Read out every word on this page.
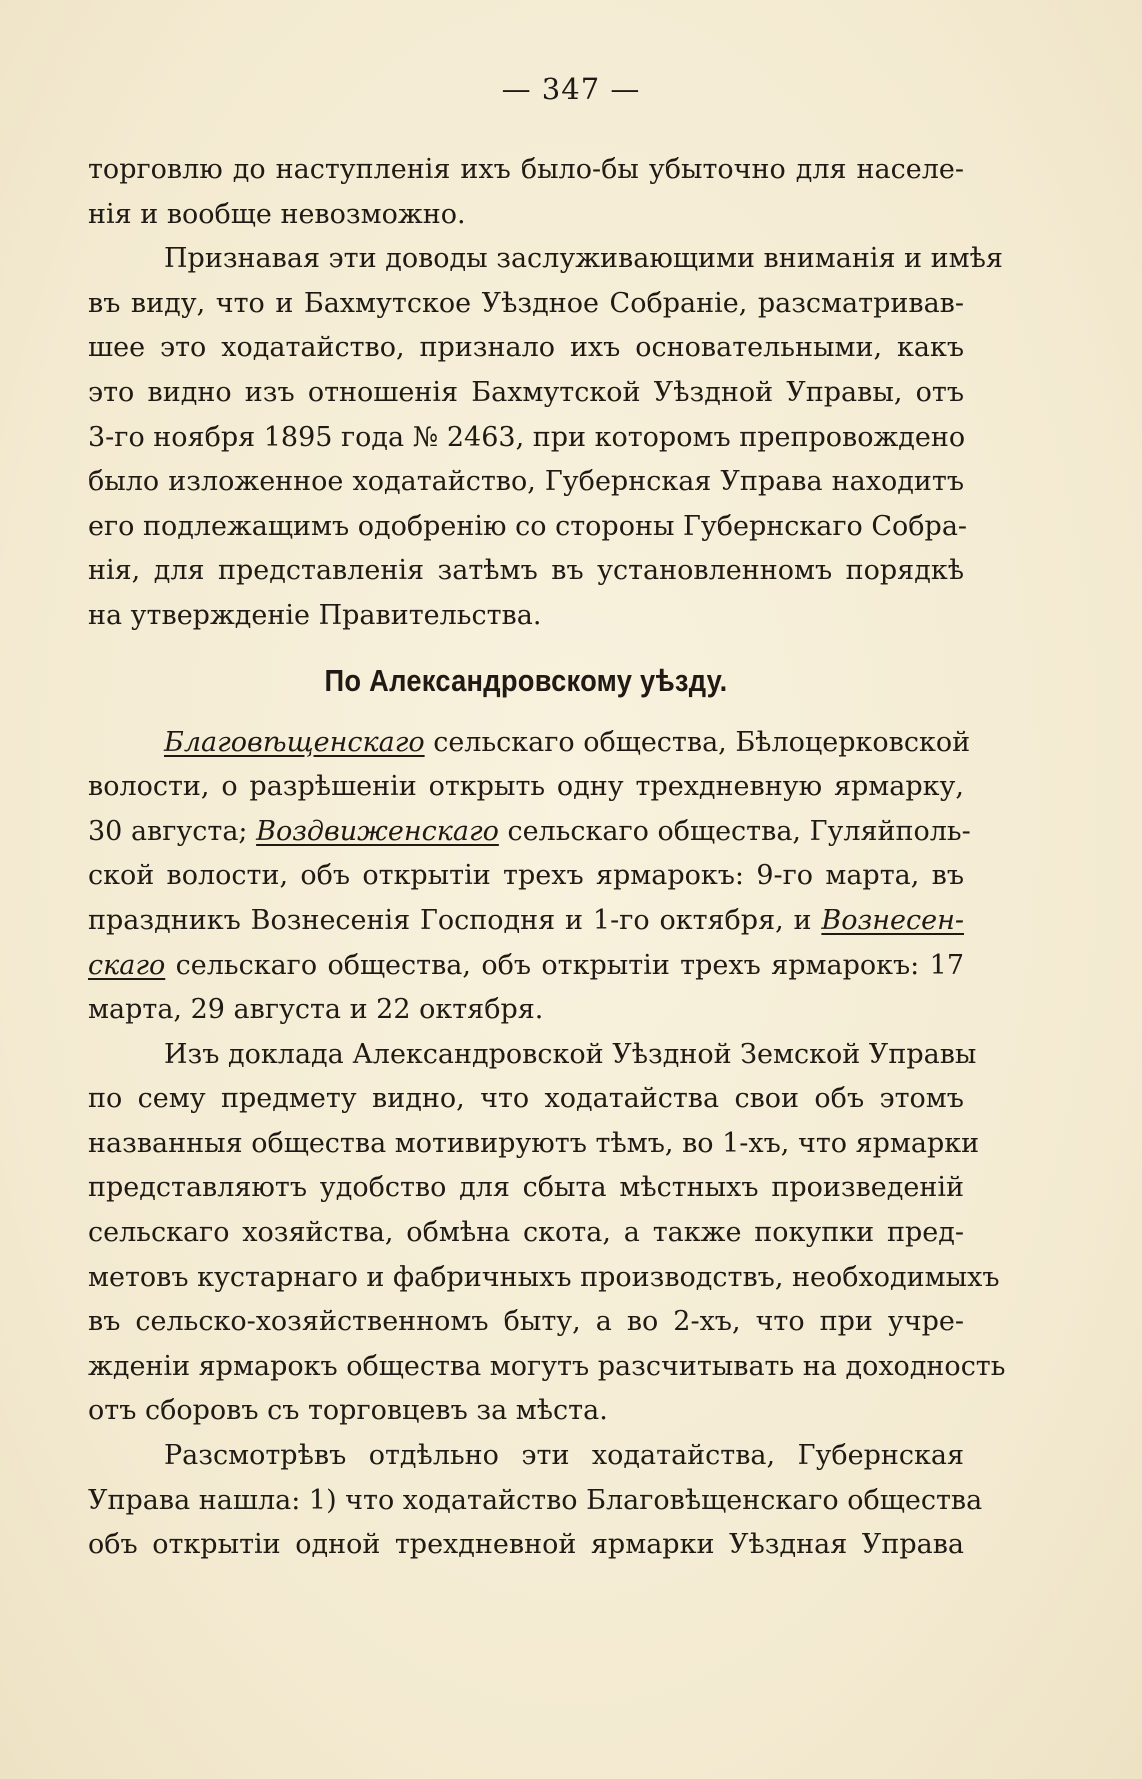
— 347 —
торговлю до наступленія ихъ было-бы убыточно для населе-
нія и вообще невозможно.
Признавая эти доводы заслуживающими вниманія и имѣя
въ виду, что и Бахмутское Уѣздное Собраніе, разсматривав-
шее это ходатайство, признало ихъ основательными, какъ
это видно изъ отношенія Бахмутской Уѣздной Управы, отъ
3-го ноября 1895 года № 2463, при которомъ препровождено
было изложенное ходатайство, Губернская Управа находитъ
его подлежащимъ одобренію со стороны Губернскаго Собра-
нія, для представленія затѣмъ въ установленномъ порядкѣ
на утвержденіе Правительства.
По Александровскому уѣзду.
Благовѣщенскаго сельскаго общества, Бѣлоцерковской
волости, о разрѣшеніи открыть одну трехдневную ярмарку,
30 августа; Воздвиженскаго сельскаго общества, Гуляйполь-
ской волости, объ открытіи трехъ ярмарокъ: 9-го марта, въ
праздникъ Вознесенія Господня и 1-го октября, и Вознесен-
скаго сельскаго общества, объ открытіи трехъ ярмарокъ: 17
марта, 29 августа и 22 октября.
Изъ доклада Александровской Уѣздной Земской Управы
по сему предмету видно, что ходатайства свои объ этомъ
названныя общества мотивируютъ тѣмъ, во 1-хъ, что ярмарки
представляютъ удобство для сбыта мѣстныхъ произведеній
сельскаго хозяйства, обмѣна скота, а также покупки пред-
метовъ кустарнаго и фабричныхъ производствъ, необходимыхъ
въ сельско-хозяйственномъ быту, а во 2-хъ, что при учре-
жденіи ярмарокъ общества могутъ разсчитывать на доходность
отъ сборовъ съ торговцевъ за мѣста.
Разсмотрѣвъ отдѣльно эти ходатайства, Губернская
Управа нашла: 1) что ходатайство Благовѣщенскаго общества
объ открытіи одной трехдневной ярмарки Уѣздная Управа
